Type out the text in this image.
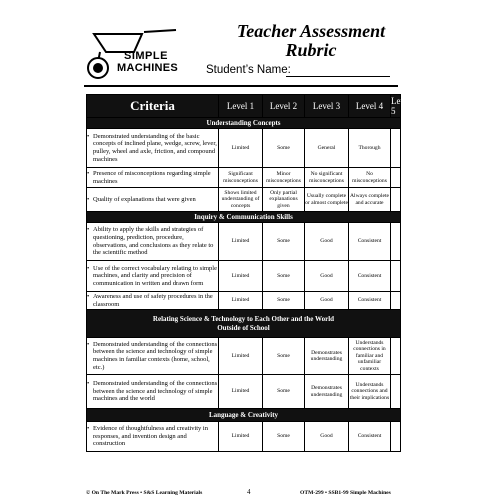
SIMPLE
MACHINES
Teacher Assessment
Rubric
Student’s Name:
Criteria	Level 1	Level 2	Level 3	Level 4	Level 5
Understanding Concepts					

• Demonstrated understanding of the basic concepts of inclined plane, wedge, screw, lever, pulley, wheel and axle, friction, and compound machines	Limited	Some	General	Thorough	

• Presence of misconceptions regarding simple machines	Significant misconceptions	Minor misconceptions	No significant misconceptions	No misconceptions	

• Quality of explanations that were given	Shows limited understanding of concepts	Only partial explanations given	Usually complete or almost complete	Always complete and accurate	
Inquiry & Communication Skills					

• Ability to apply the skills and strategies of questioning, prediction, procedure, observations, and conclusions as they relate to the scientific method	Limited	Some	Good	Consistent	

• Use of the correct vocabulary relating to simple machines, and clarity and precision of communication in written and drawn form	Limited	Some	Good	Consistent	

• Awareness and use of safety procedures in the classroom	Limited	Some	Good	Consistent	
Relating Science & Technology to Each Other and the World Outside of School					

• Demonstrated understanding of the connections between the science and technology of simple machines in familiar contexts (home, school, etc.)	Limited	Some	Demonstrates understanding	Understands connections in familiar and unfamiliar contexts	

• Demonstrated understanding of the connections between the science and technology of simple machines and the world	Limited	Some	Demonstrates understanding	Understands connections and their implications	
Language & Creativity					

• Evidence of thoughtfulness and creativity in responses, and invention design and construction	Limited	Some	Good	Consistent	
© On The Mark Press • S&S Learning Materials	4	OTM-299 • SSB1-99 Simple Machines
